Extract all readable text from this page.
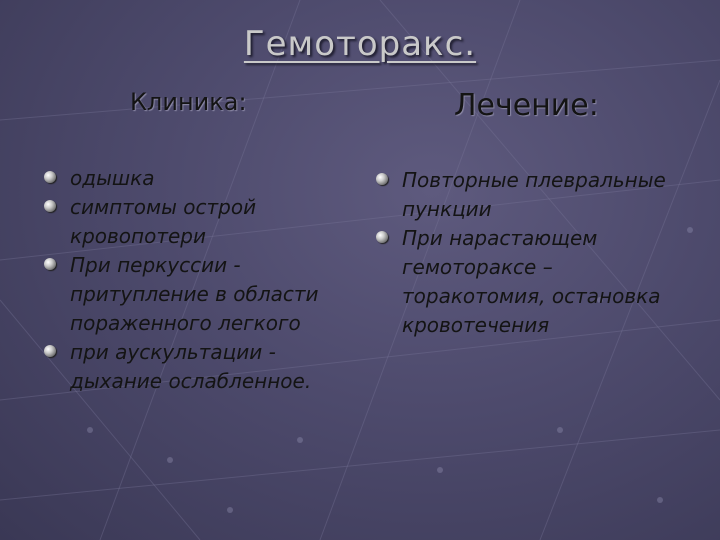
Гемоторакс.
Клиника:	Лечение:
одышка
симптомы острой кровопотери
При перкуссии - притупление в области пораженного легкого
при аускультации - дыхание ослабленное.
Повторные плевральные пункции
При нарастающем гемотораксе – торакотомия, остановка кровотечения
